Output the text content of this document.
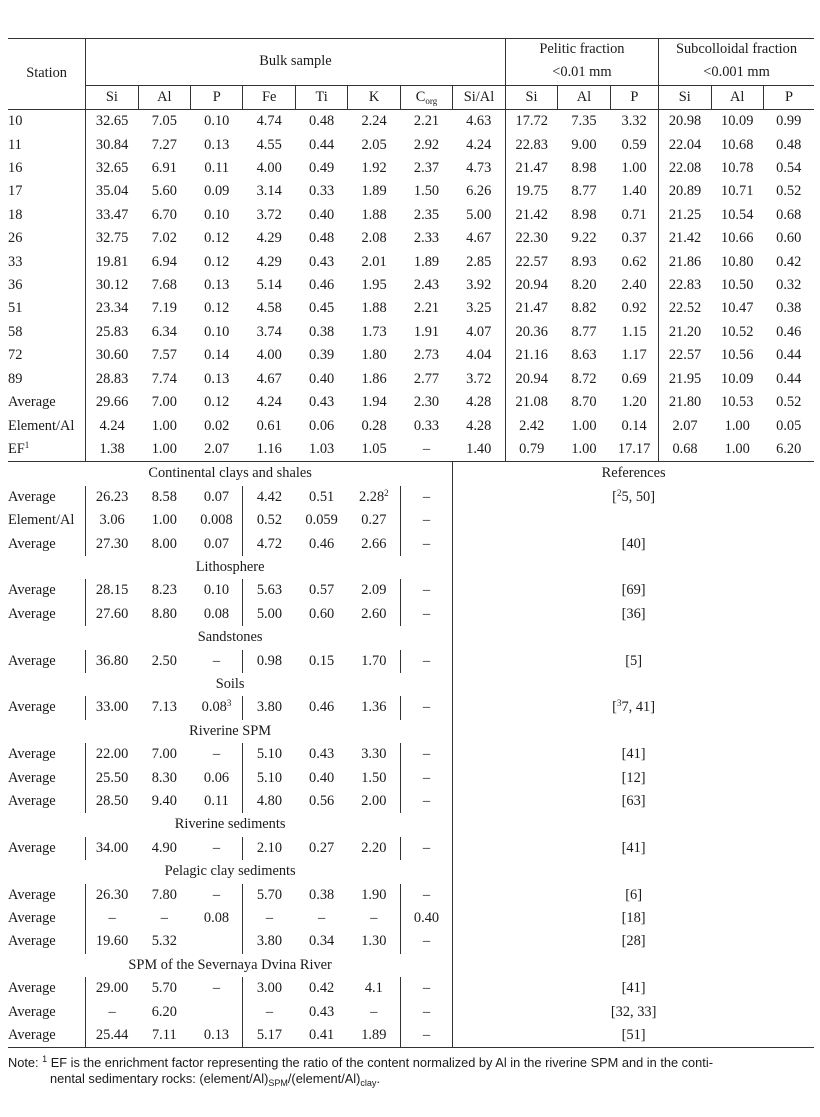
Station	Bulk sample								Pelitic fraction
<0.01 mm			Subcolloidal fraction
<0.001 mm		
	Si	Al	P	Fe	Ti	K	$C_{org}$	Si/Al	Si	Al	P	Si	Al	P
10	32.65	7.05	0.10	4.74	0.48	2.24	2.21	4.63	17.72	7.35	3.32	20.98	10.09	0.99
11	30.84	7.27	0.13	4.55	0.44	2.05	2.92	4.24	22.83	9.00	0.59	22.04	10.68	0.48
16	32.65	6.91	0.11	4.00	0.49	1.92	2.37	4.73	21.47	8.98	1.00	22.08	10.78	0.54
17	35.04	5.60	0.09	3.14	0.33	1.89	1.50	6.26	19.75	8.77	1.40	20.89	10.71	0.52
18	33.47	6.70	0.10	3.72	0.40	1.88	2.35	5.00	21.42	8.98	0.71	21.25	10.54	0.68
26	32.75	7.02	0.12	4.29	0.48	2.08	2.33	4.67	22.30	9.22	0.37	21.42	10.66	0.60
33	19.81	6.94	0.12	4.29	0.43	2.01	1.89	2.85	22.57	8.93	0.62	21.86	10.80	0.42
36	30.12	7.68	0.13	5.14	0.46	1.95	2.43	3.92	20.94	8.20	2.40	22.83	10.50	0.32
51	23.34	7.19	0.12	4.58	0.45	1.88	2.21	3.25	21.47	8.82	0.92	22.52	10.47	0.38
58	25.83	6.34	0.10	3.74	0.38	1.73	1.91	4.07	20.36	8.77	1.15	21.20	10.52	0.46
72	30.60	7.57	0.14	4.00	0.39	1.80	2.73	4.04	21.16	8.63	1.17	22.57	10.56	0.44
89	28.83	7.74	0.13	4.67	0.40	1.86	2.77	3.72	20.94	8.72	0.69	21.95	10.09	0.44
Average	29.66	7.00	0.12	4.24	0.43	1.94	2.30	4.28	21.08	8.70	1.20	21.80	10.53	0.52
Element/Al	4.24	1.00	0.02	0.61	0.06	0.28	0.33	4.28	2.42	1.00	0.14	2.07	1.00	0.05
$EF^1$	1.38	1.00	2.07	1.16	1.03	1.05	–	1.40	0.79	1.00	17.17	0.68	1.00	6.20
Continental clays and shales								References						
Average	26.23	8.58	0.07	4.42	0.51	2.28$^2$	–	[$^2$5, 50]						
Element/Al	3.06	1.00	0.008	0.52	0.059	0.27	–							
Average	27.30	8.00	0.07	4.72	0.46	2.66	–	[40]						
Lithosphere														
Average	28.15	8.23	0.10	5.63	0.57	2.09	–	[69]						
Average	27.60	8.80	0.08	5.00	0.60	2.60	–	[36]						
Sandstones														
Average	36.80	2.50	–	0.98	0.15	1.70	–	[5]						
Soils														
Average	33.00	7.13	0.08$^3$	3.80	0.46	1.36	–	[$^3$7, 41]						
Riverine SPM														
Average	22.00	7.00	–	5.10	0.43	3.30	–	[41]						
Average	25.50	8.30	0.06	5.10	0.40	1.50	–	[12]						
Average	28.50	9.40	0.11	4.80	0.56	2.00	–	[63]						
Riverine sediments														
Average	34.00	4.90	–	2.10	0.27	2.20	–	[41]						
Pelagic clay sediments														
Average	26.30	7.80	–	5.70	0.38	1.90	–	[6]						
Average	–	–	0.08	–	–	–	0.40	[18]						
Average	19.60	5.32		3.80	0.34	1.30	–	[28]						
SPM of the Severnaya Dvina River														
Average	29.00	5.70	–	3.00	0.42	4.1	–	[41]						
Average	–	6.20		–	0.43	–	–	[32, 33]						
Average	25.44	7.11	0.13	5.17	0.41	1.89	–	[51]						
Note: $^1$ EF is the enrichment factor representing the ratio of the content normalized by Al in the riverine SPM and in the conti-
nental sedimentary rocks: $(element/Al)_{SPM}/(element/Al)_{clay}$.
